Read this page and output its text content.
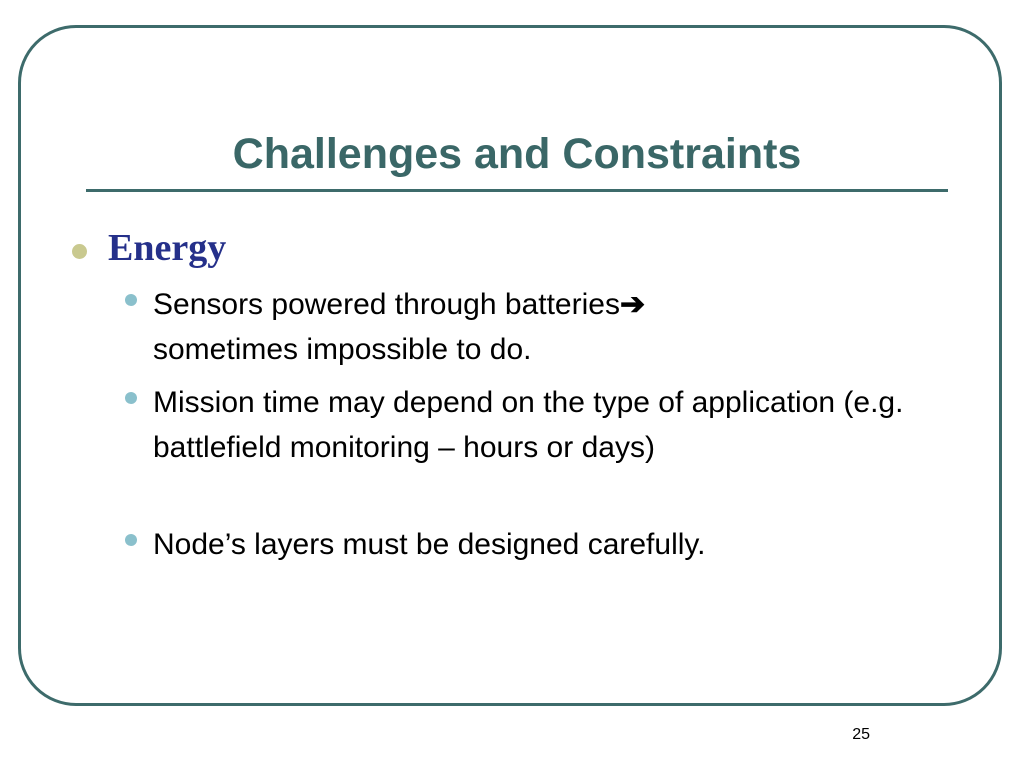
Challenges and Constraints
Energy

Sensors powered through batteries➔
sometimes impossible to do.

Mission time may depend on the type of application (e.g. battlefield monitoring – hours or days)

Node’s layers must be designed carefully.

25
